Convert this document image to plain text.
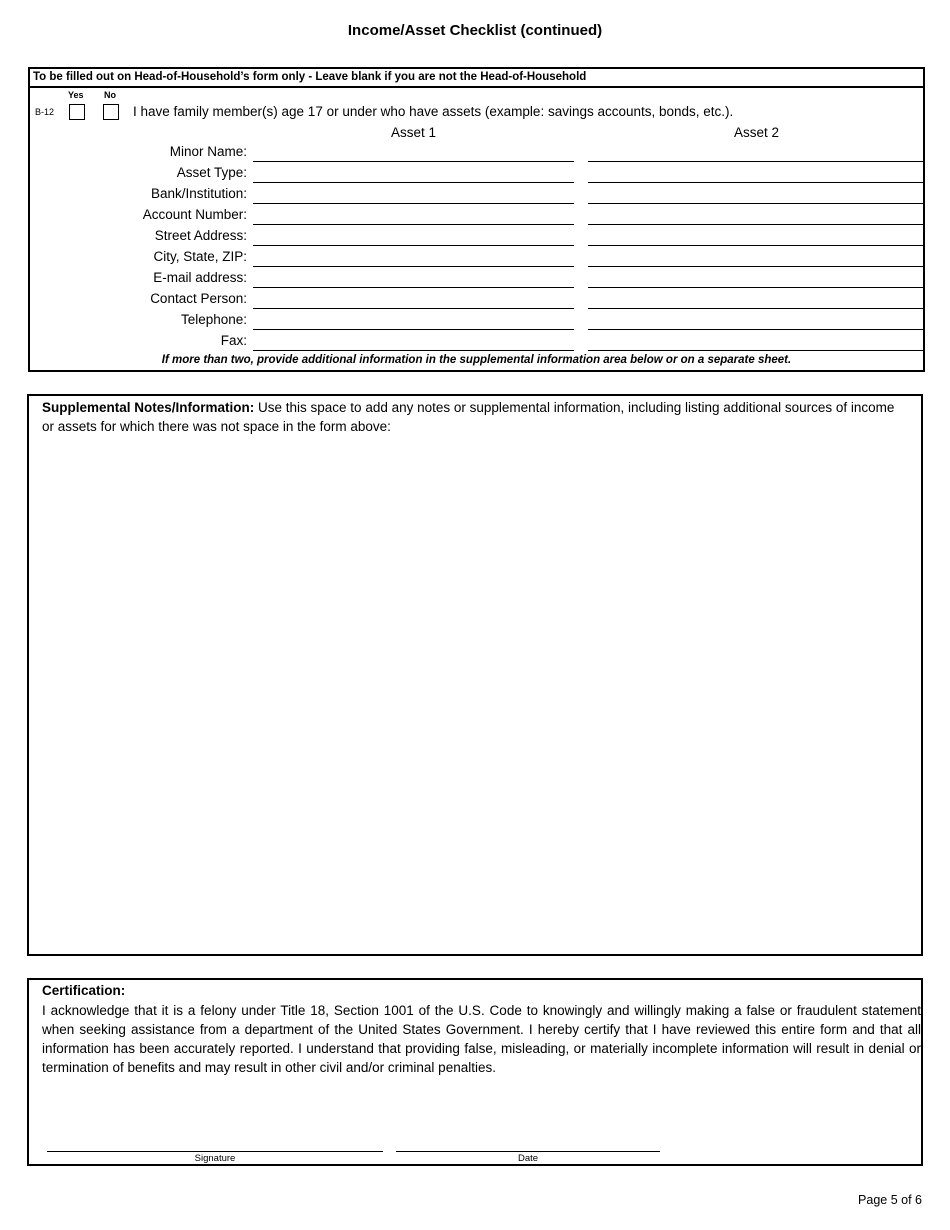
Income/Asset Checklist (continued)
To be filled out on Head-of-Household’s form only - Leave blank if you are not the Head-of-Household
Yes No
B-12	I have family member(s) age 17 or under who have assets (example: savings accounts, bonds, etc.).
Asset 1	Asset 2
Minor Name:
Asset Type:
Bank/Institution:
Account Number:
Street Address:
City, State, ZIP:
E-mail address:
Contact Person:
Telephone:
Fax:
If more than two, provide additional information in the supplemental information area below or on a separate sheet.
Supplemental Notes/Information: Use this space to add any notes or supplemental information, including listing additional sources of income or assets for which there was not space in the form above:
Certification:
I acknowledge that it is a felony under Title 18, Section 1001 of the U.S. Code to knowingly and willingly making a false or fraudulent statement when seeking assistance from a department of the United States Government. I hereby certify that I have reviewed this entire form and that all information has been accurately reported. I understand that providing false, misleading, or materially incomplete information will result in denial or termination of benefits and may result in other civil and/or criminal penalties.
Signature	Date
Page 5 of 6
